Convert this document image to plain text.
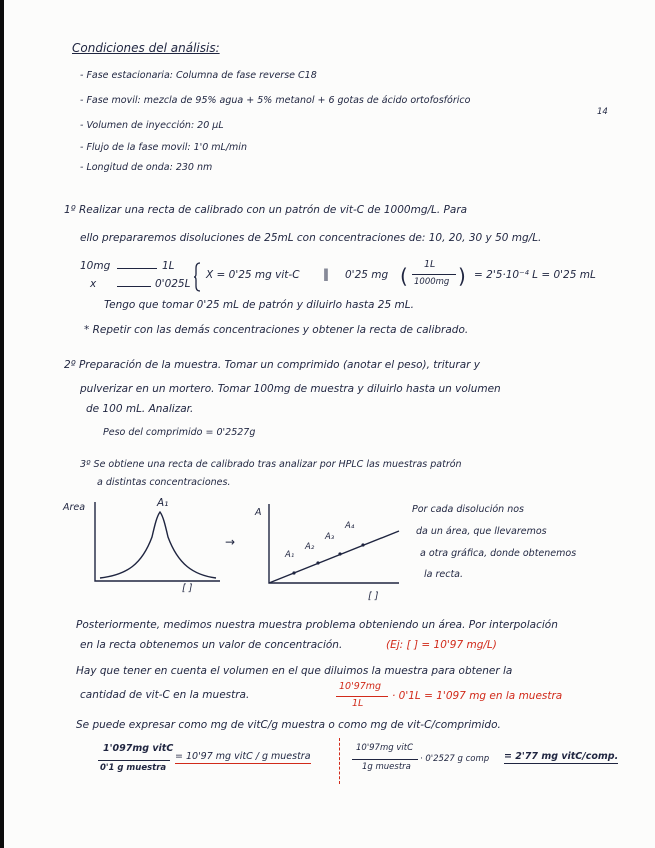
Condiciones del análisis:
- Fase estacionaria: Columna de fase reverse C18
- Fase movil: mezcla de 95% agua + 5% metanol + 6 gotas de ácido ortofosfórico
14
- Volumen de inyección: 20 μL
- Flujo de la fase movil: 1'0 mL/min
- Longitud de onda: 230 nm
1º Realizar una recta de calibrado con un patrón de vit-C de 1000mg/L. Para
ello prepararemos disoluciones de 25mL con concentraciones de: 10, 20, 30 y 50 mg/L.
10mg	1L
x	0'025L
X = 0'25 mg vit-C ‖ 0'25 mg ( 1L
1000mg ) = 2'5·10⁻⁴ L = 0'25 mL
Tengo que tomar 0'25 mL de patrón y diluirlo hasta 25 mL.
* Repetir con las demás concentraciones y obtener la recta de calibrado.
2º Preparación de la muestra. Tomar un comprimido (anotar el peso), triturar y
pulverizar en un mortero. Tomar 100mg de muestra y diluirlo hasta un volumen
de 100 mL. Analizar.
Peso del comprimido = 0'2527g
3º Se obtiene una recta de calibrado tras analizar por HPLC las muestras patrón
a distintas concentraciones.
Area	A₁
[ ]
→
A
A₁
A₂
A₃
A₄
[ ]
Por cada disolución nos
da un área, que llevaremos
a otra gráfica, donde obtenemos
la recta.
Posteriormente, medimos nuestra muestra problema obteniendo un área. Por interpolación
en la recta obtenemos un valor de concentración.	(Ej: [ ] = 10'97 mg/L)
Hay que tener en cuenta el volumen en el que diluimos la muestra para obtener la
cantidad de vit-C en la muestra.
10'97mg
1L
· 0'1L = 1'097 mg en la muestra
Se puede expresar como mg de vitC/g muestra o como mg de vit-C/comprimido.
1'097mg vitC
0'1 g muestra
= 10'97 mg vitC / g muestra
10'97mg vitC
1g muestra
· 0'2527 g comp = 2'77 mg vitC/comp.
